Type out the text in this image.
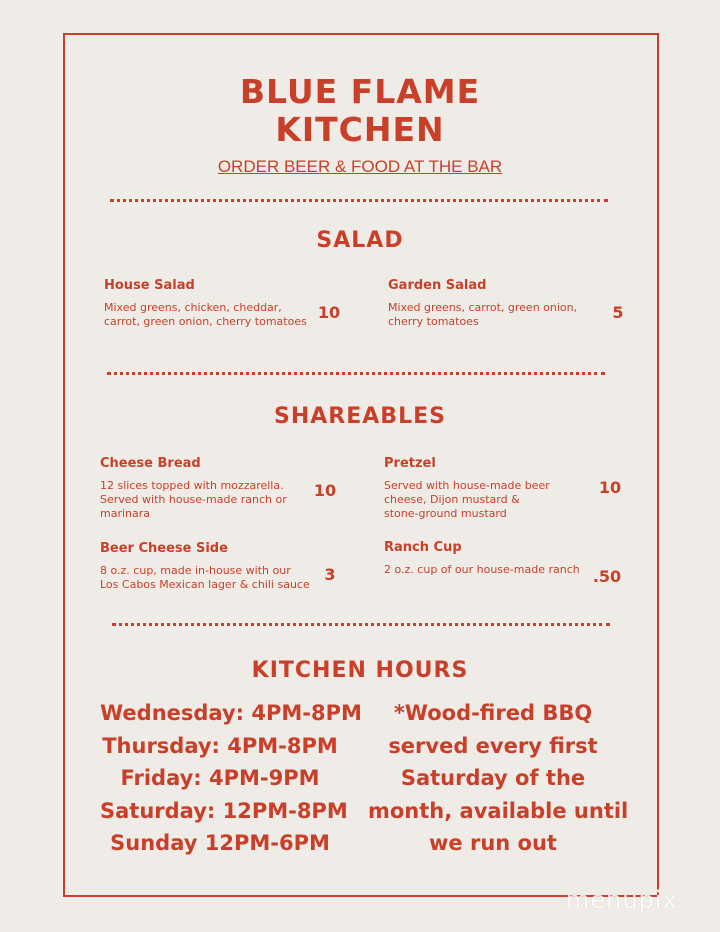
BLUE FLAME
KITCHEN
ORDER BEER & FOOD AT THE BAR
SALAD
House Salad
Mixed greens, chicken, cheddar,
carrot, green onion, cherry tomatoes 10
Garden Salad
Mixed greens, carrot, green onion,
cherry tomatoes	5
SHAREABLES
Cheese Bread
12 slices topped with mozzarella.
Served with house-made ranch or
marinara
10
Pretzel
Served with house-made beer
cheese, Dijon mustard &
stone-ground mustard
10
Beer Cheese Side
8 o.z. cup, made in-house with our
Los Cabos Mexican lager & chili sauce
3
Ranch Cup
2 o.z. cup of our house-made ranch .50
KITCHEN HOURS
Wednesday: 4PM-8PM
Thursday: 4PM-8PM
Friday: 4PM-9PM
Saturday: 12PM-8PM
Sunday 12PM-6PM
*Wood-fired BBQ
served every first
Saturday of the
month, available until
we run out
menupix
